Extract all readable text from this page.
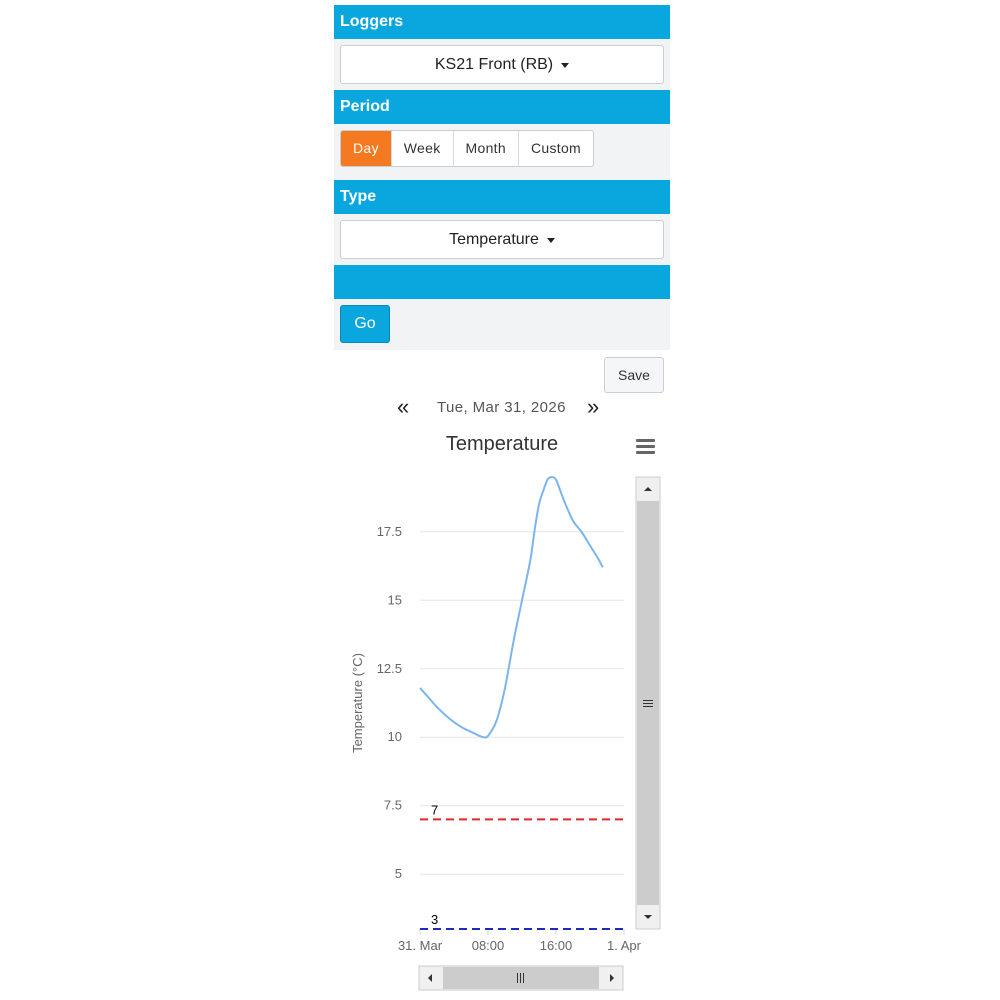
Loggers
KS21 Front (RB)
Period
Day	Week	Month	Custom
Type
Temperature
Go
Save
« Tue, Mar 31, 2026 »
Temperature
Temperature (°C)
5
7.5
10
12.5
15
17.5
31. Mar 08:00	16:00	1. Apr
7
3
